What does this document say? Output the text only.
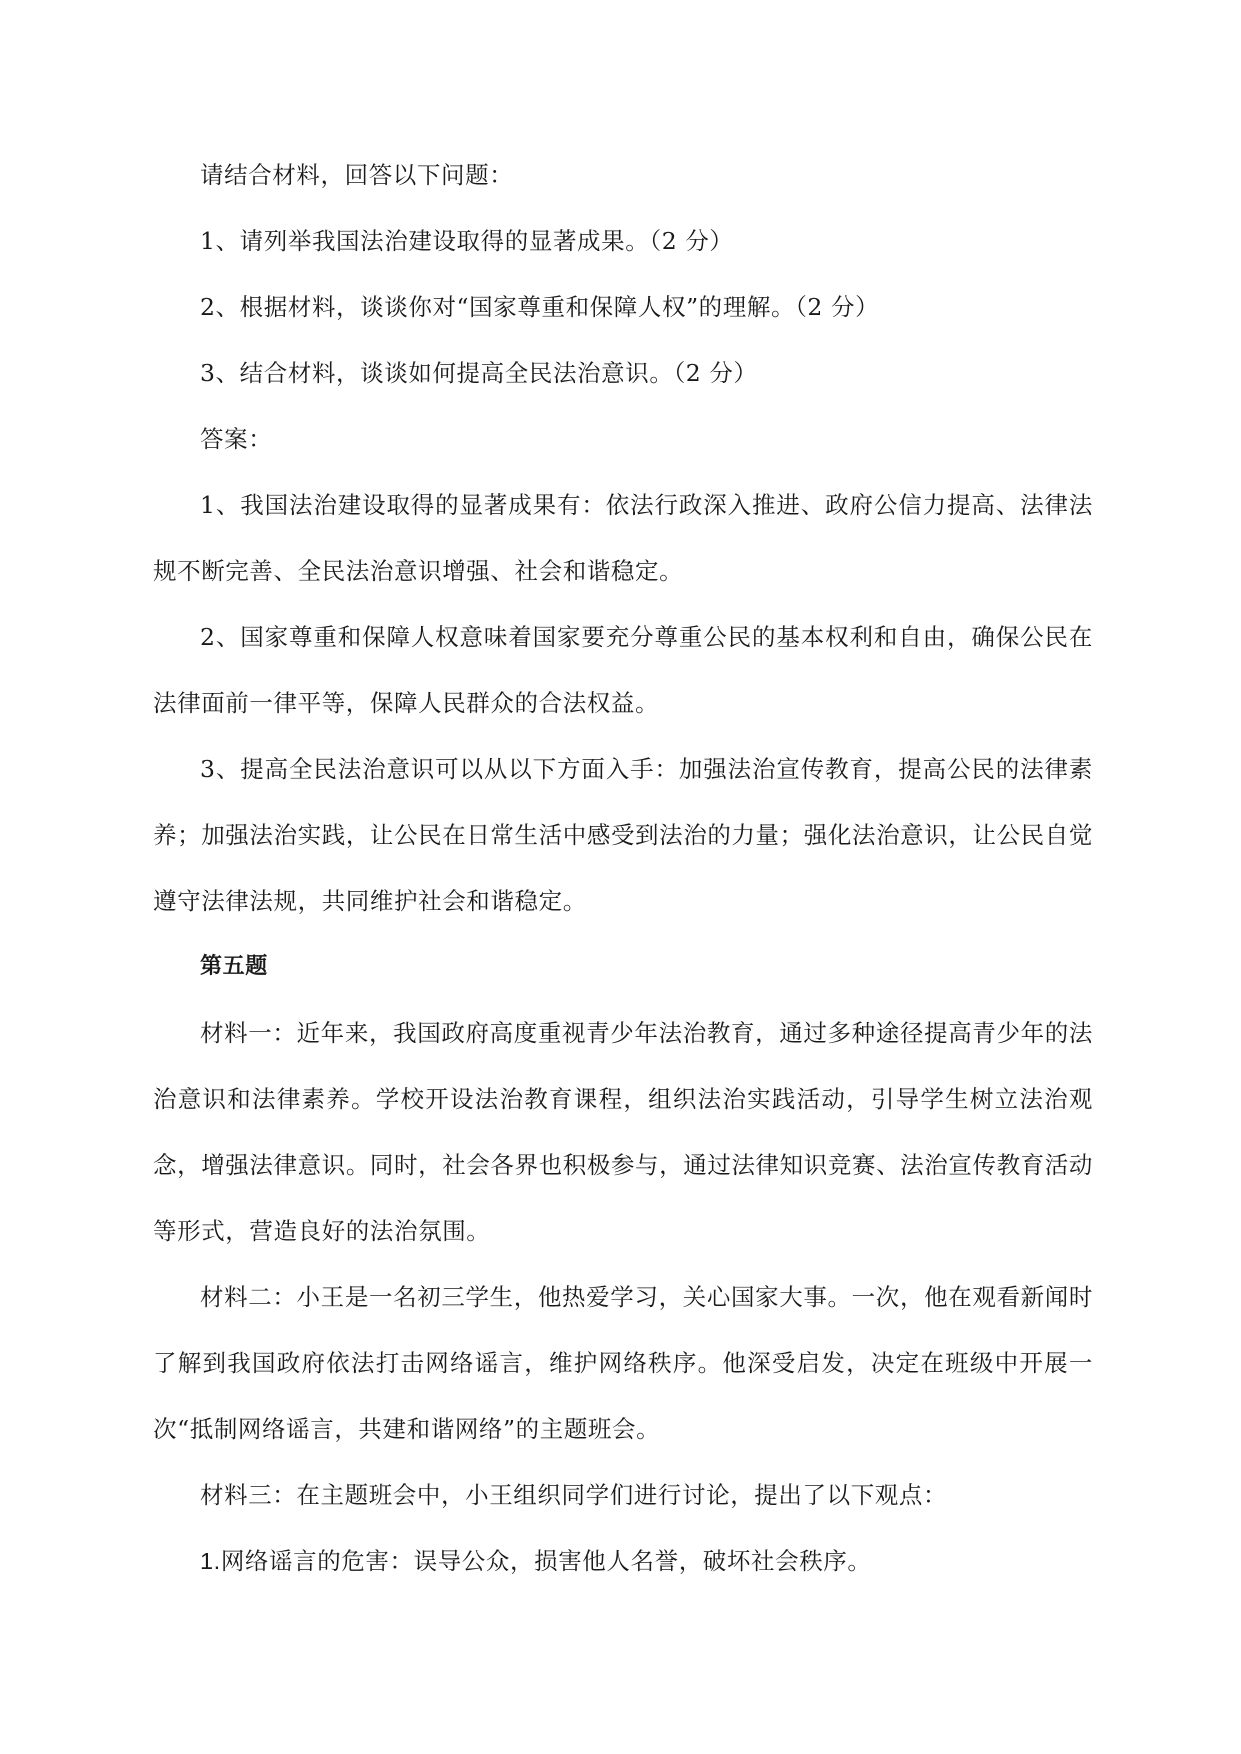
请结合材料，回答以下问题：

1、请列举我国法治建设取得的显著成果。（2 分）

2、根据材料，谈谈你对“国家尊重和保障人权”的理解。（2 分）

3、结合材料，谈谈如何提高全民法治意识。（2 分）

答案：

1、我国法治建设取得的显著成果有：依法行政深入推进、政府公信力提高、法律法规不断完善、全民法治意识增强、社会和谐稳定。

2、国家尊重和保障人权意味着国家要充分尊重公民的基本权利和自由，确保公民在法律面前一律平等，保障人民群众的合法权益。

3、提高全民法治意识可以从以下方面入手：加强法治宣传教育，提高公民的法律素养；加强法治实践，让公民在日常生活中感受到法治的力量；强化法治意识，让公民自觉遵守法律法规，共同维护社会和谐稳定。

第五题

材料一：近年来，我国政府高度重视青少年法治教育，通过多种途径提高青少年的法治意识和法律素养。学校开设法治教育课程，组织法治实践活动，引导学生树立法治观念，增强法律意识。同时，社会各界也积极参与，通过法律知识竞赛、法治宣传教育活动等形式，营造良好的法治氛围。

材料二：小王是一名初三学生，他热爱学习，关心国家大事。一次，他在观看新闻时了解到我国政府依法打击网络谣言，维护网络秩序。他深受启发，决定在班级中开展一次“抵制网络谣言，共建和谐网络”的主题班会。

材料三：在主题班会中，小王组织同学们进行讨论，提出了以下观点：

1.网络谣言的危害：误导公众，损害他人名誉，破坏社会秩序。
